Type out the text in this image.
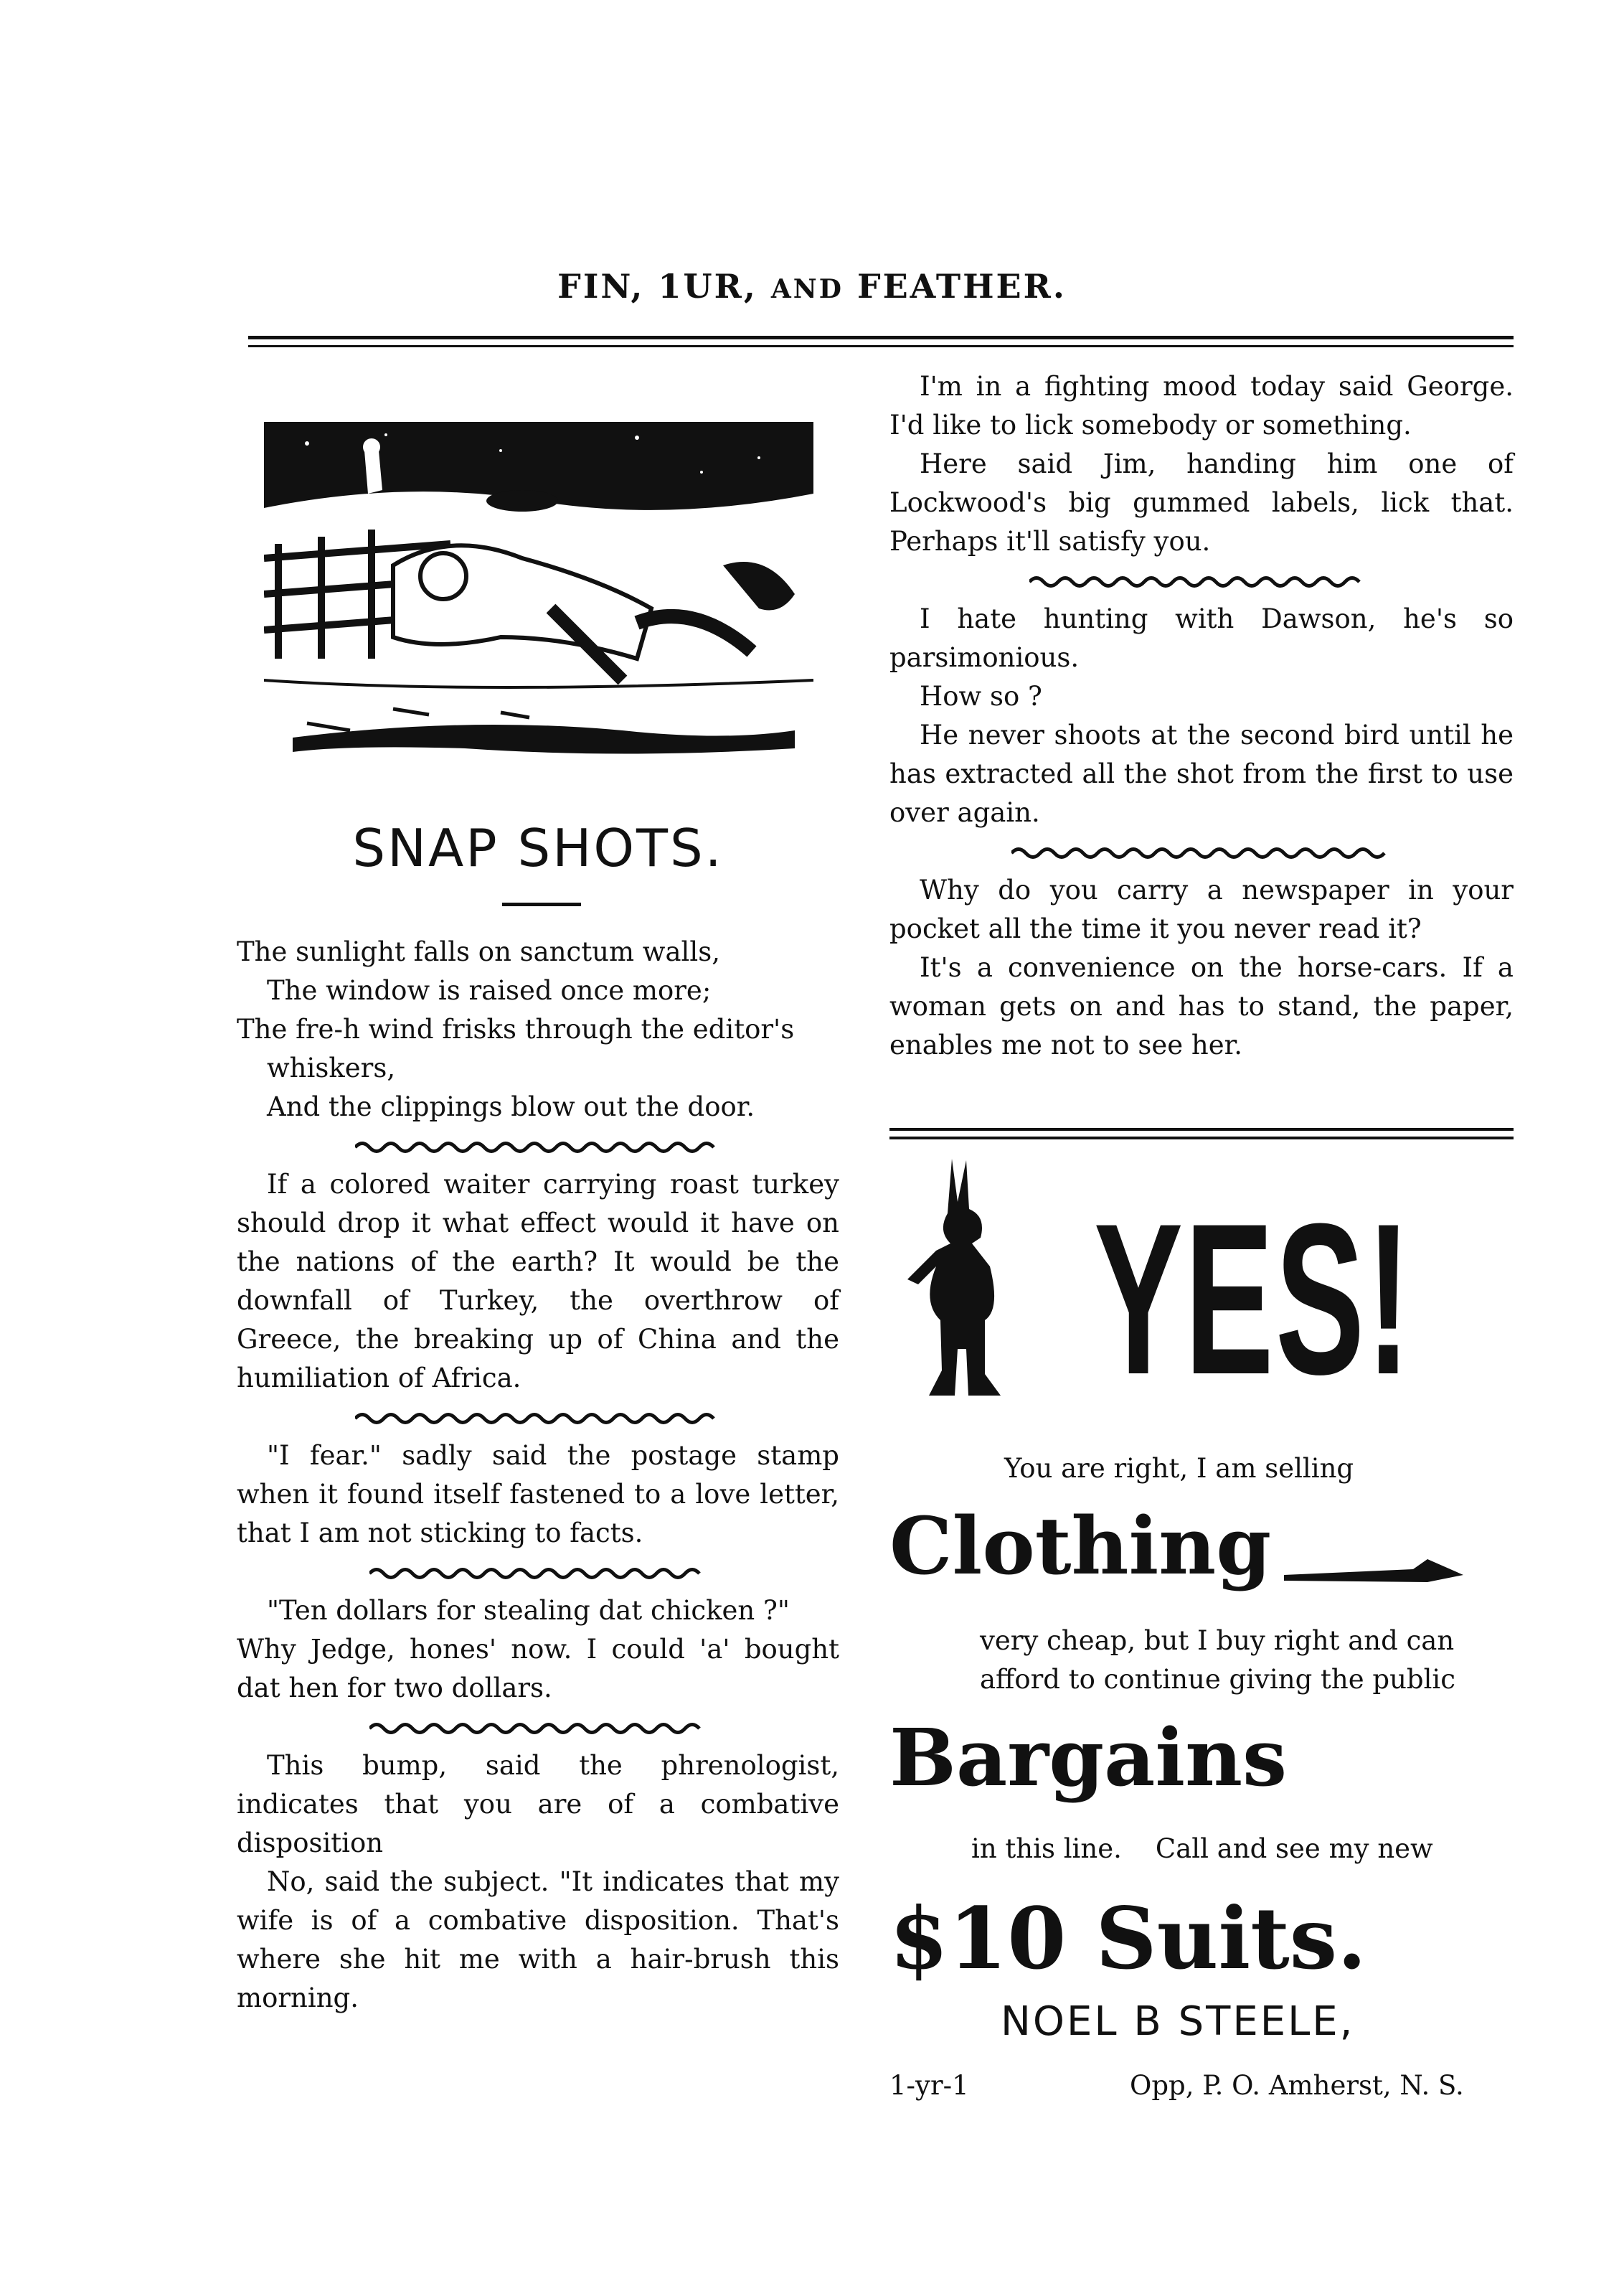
FIN, 1UR, AND FEATHER.
SNAP SHOTS.

The sunlight falls on sanctum walls,

The window is raised once more;

The fre-h wind frisks through the editor's whiskers,

And the clippings blow out the door.

If a colored waiter carrying roast turkey should drop it what effect would it have on the nations of the earth? It would be the downfall of Turkey, the overthrow of Greece, the breaking up of China and the humiliation of Africa.

"I fear." sadly said the postage stamp when it found itself fastened to a love letter, that I am not sticking to facts.

"Ten dollars for stealing dat chicken ?"

Why Jedge, hones' now. I could 'a' bought dat hen for two dollars.

This bump, said the phrenologist, indicates that you are of a combative disposition

No, said the subject. "It indicates that my wife is of a combative disposition. That's where she hit me with a hair-brush this morning.

I'm in a fighting mood today said George. I'd like to lick somebody or something.

Here said Jim, handing him one of Lockwood's big gummed labels, lick that. Perhaps it'll satisfy you.

I hate hunting with Dawson, he's so parsimonious.

How so ?

He never shoots at the second bird until he has extracted all the shot from the first to use over again.

Why do you carry a newspaper in your pocket all the time it you never read it?

It's a convenience on the horse-cars. If a woman gets on and has to stand, the paper, enables me not to see her.

YES!
You are right, I am selling
Clothing
very cheap, but I buy right and can
afford to continue giving the public
Bargains
in this line.    Call and see my new
$10 Suits.
NOEL B STEELE,
1-yr-1	Opp, P. O. Amherst, N. S.
